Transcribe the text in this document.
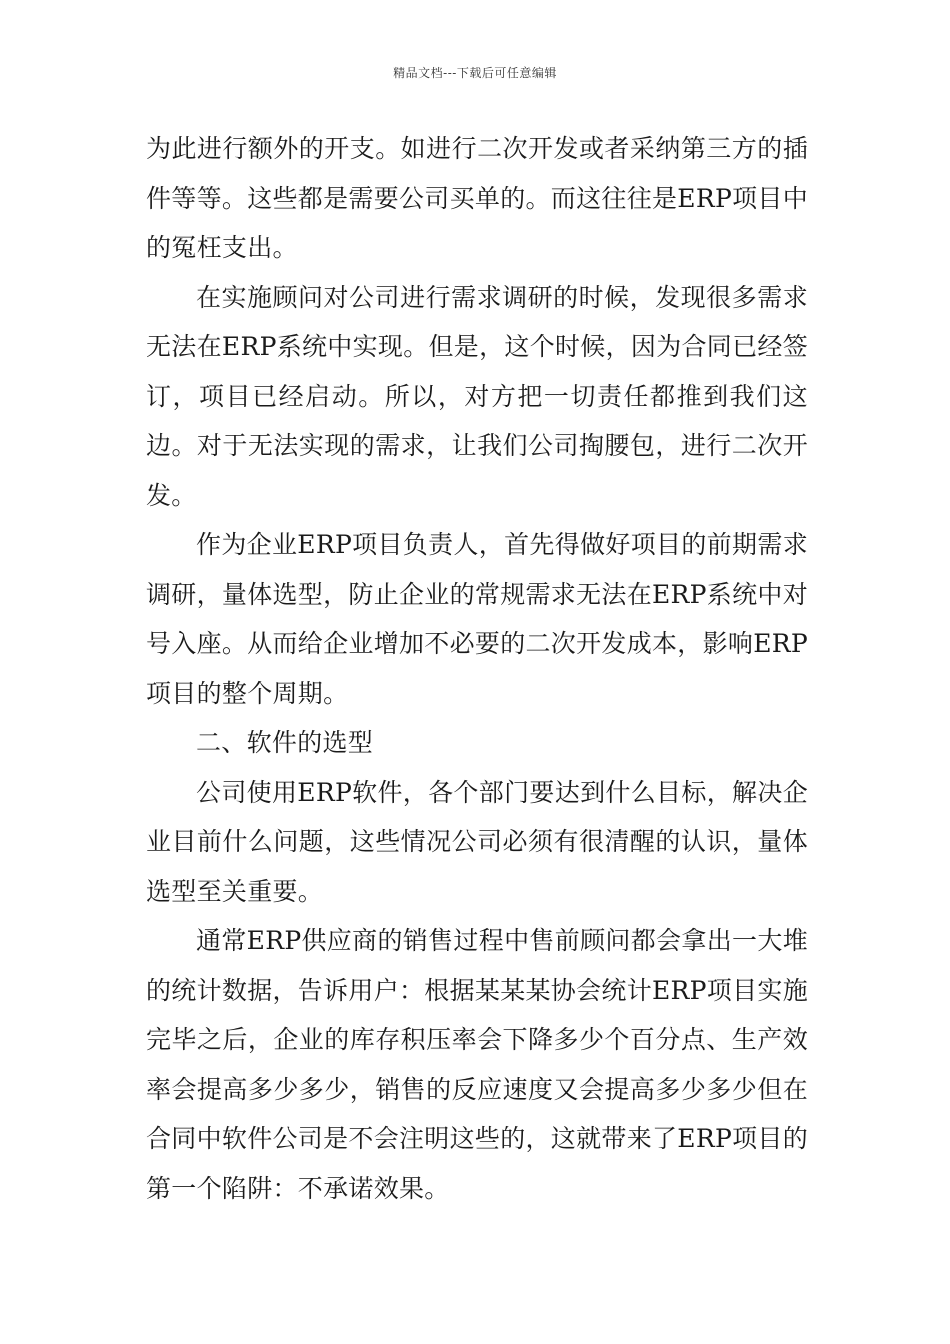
精品文档---下载后可任意编辑

为此进行额外的开支。如进行二次开发或者采纳第三方的插件等等。这些都是需要公司买单的。而这往往是ERP项目中的冤枉支出。

在实施顾问对公司进行需求调研的时候，发现很多需求无法在ERP系统中实现。但是，这个时候，因为合同已经签订，项目已经启动。所以，对方把一切责任都推到我们这边。对于无法实现的需求，让我们公司掏腰包，进行二次开发。

作为企业ERP项目负责人，首先得做好项目的前期需求调研，量体选型，防止企业的常规需求无法在ERP系统中对号入座。从而给企业增加不必要的二次开发成本，影响ERP项目的整个周期。

二、软件的选型

公司使用ERP软件，各个部门要达到什么目标，解决企业目前什么问题，这些情况公司必须有很清醒的认识，量体选型至关重要。

通常ERP供应商的销售过程中售前顾问都会拿出一大堆的统计数据，告诉用户：根据某某某协会统计ERP项目实施完毕之后，企业的库存积压率会下降多少个百分点、生产效率会提高多少多少，销售的反应速度又会提高多少多少但在合同中软件公司是不会注明这些的，这就带来了ERP项目的第一个陷阱：不承诺效果。
